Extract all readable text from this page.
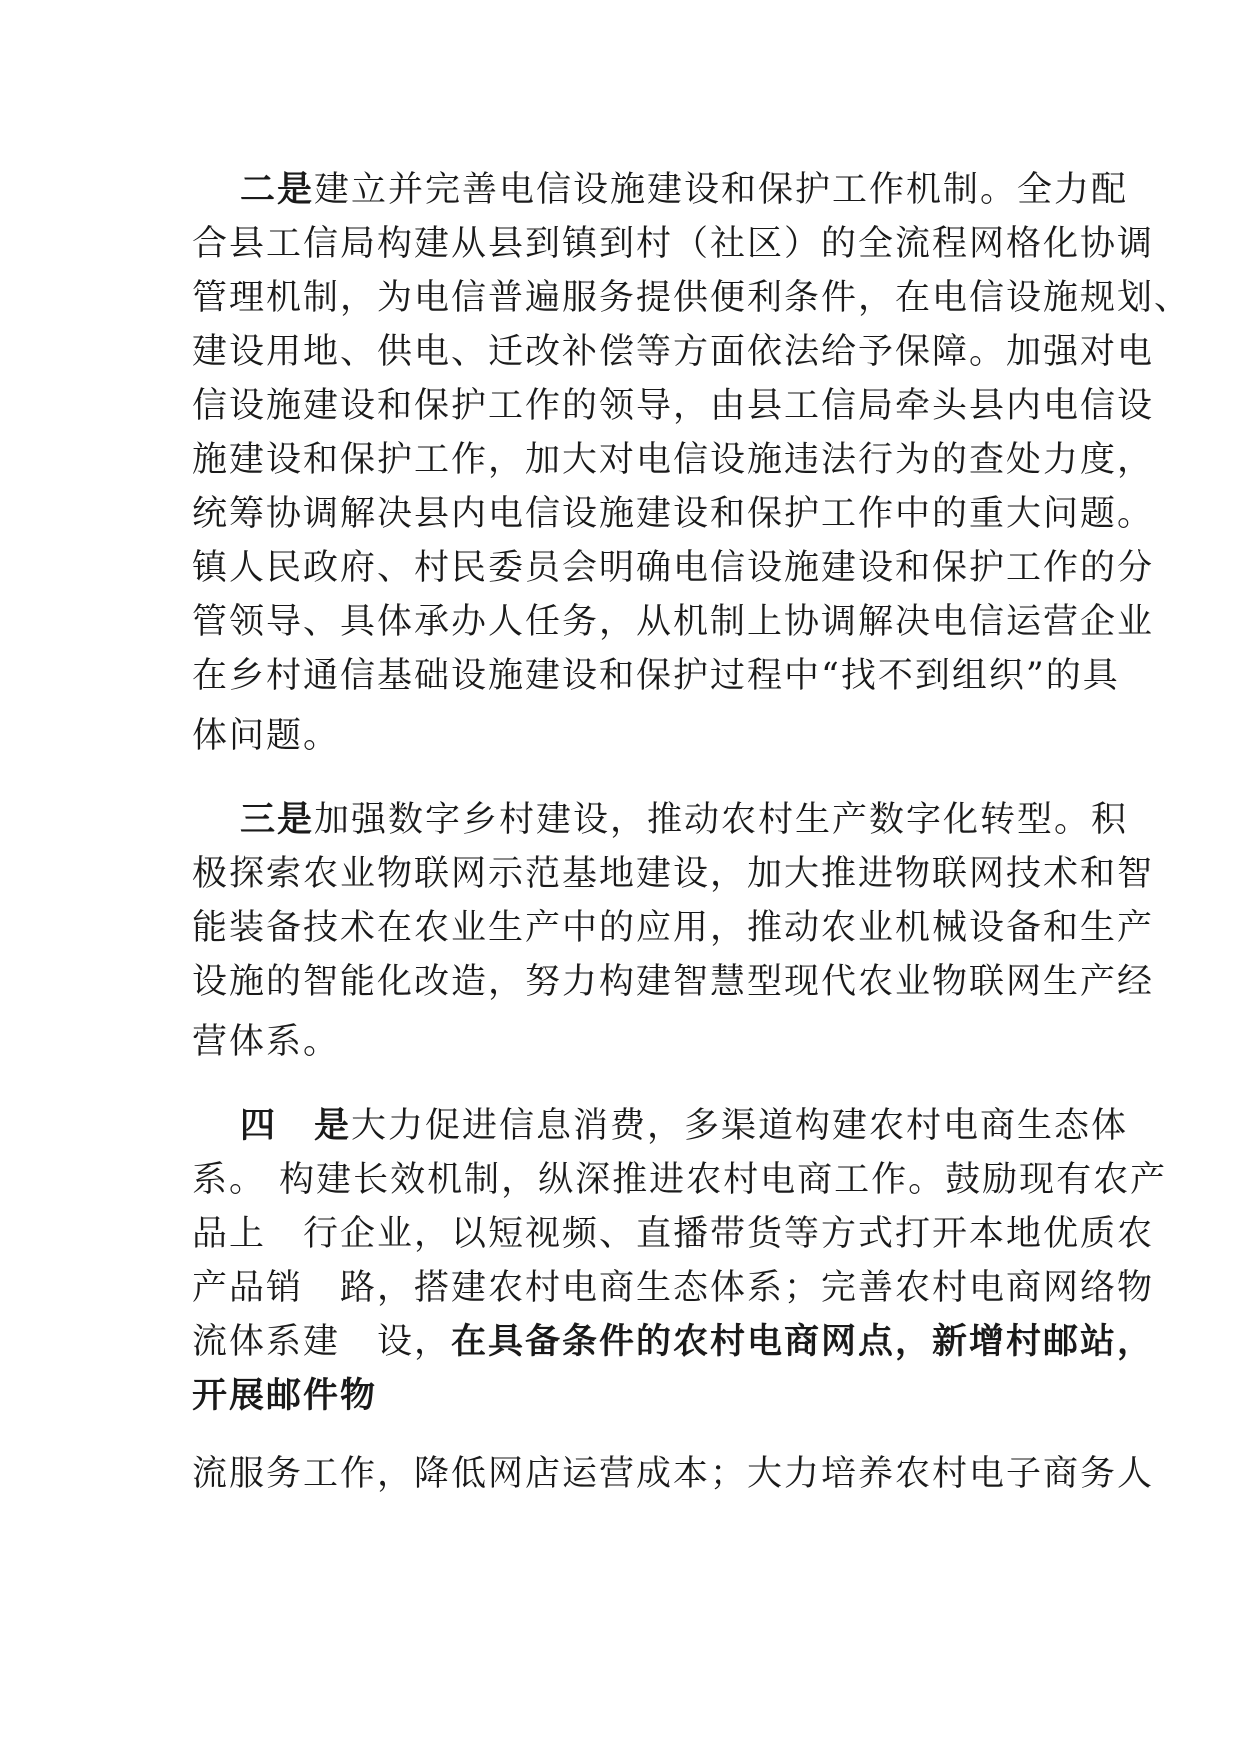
二是建立并完善电信设施建设和保护工作机制。全力配

合县工信局构建从县到镇到村（社区）的全流程网格化协调

管理机制，为电信普遍服务提供便利条件，在电信设施规划、

建设用地、供电、迁改补偿等方面依法给予保障。加强对电

信设施建设和保护工作的领导，由县工信局牵头县内电信设

施建设和保护工作，加大对电信设施违法行为的查处力度，

统筹协调解决县内电信设施建设和保护工作中的重大问题。

镇人民政府、村民委员会明确电信设施建设和保护工作的分

管领导、具体承办人任务，从机制上协调解决电信运营企业

在乡村通信基础设施建设和保护过程中“找不到组织”的具

体问题。

三是加强数字乡村建设，推动农村生产数字化转型。积

极探索农业物联网示范基地建设，加大推进物联网技术和智

能装备技术在农业生产中的应用，推动农业机械设备和生产

设施的智能化改造，努力构建智慧型现代农业物联网生产经

营体系。

四　是大力促进信息消费，多渠道构建农村电商生态体

系。 构建长效机制，纵深推进农村电商工作。鼓励现有农产

品上　行企业，以短视频、直播带货等方式打开本地优质农

产品销　路，搭建农村电商生态体系；完善农村电商网络物

流体系建　设，在具备条件的农村电商网点，新增村邮站，

开展邮件物

流服务工作，降低网店运营成本；大力培养农村电子商务人
